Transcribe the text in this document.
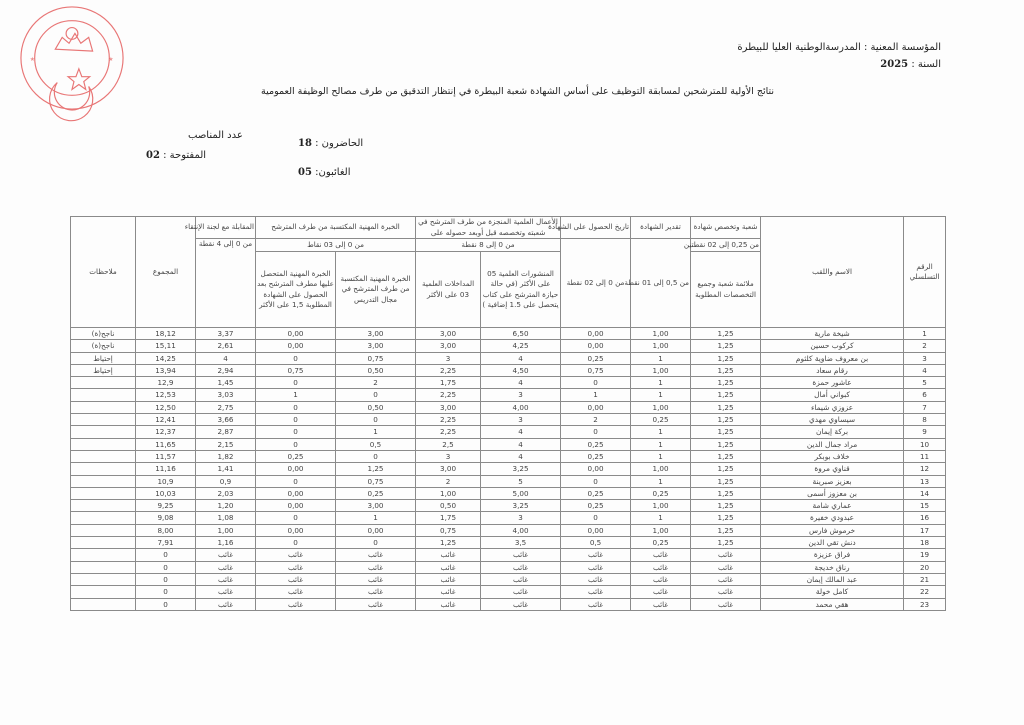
★	★
المؤسسة المعنية : المدرسةالوطنية العليا للبيطرة
السنة : 2025
نتائج الأولية للمترشحين لمسابقة التوظيف على أساس الشهادة شعبة البيطرة في إنتظار التدقيق من طرف مصالح الوظيفة العمومية
الحاضرون : 18
الغائبون: 05
عدد المناصب
المفتوحة : 02
الرقم التسلسلي	الاسم واللقب	شعبة وتخصص شهادة	تقدير الشهادة	تاريخ الحصول على الشهادة	الأعمال العلمية المنجزة من طرف المترشح في شعبته وتخصصه قبل أوبعد حصوله على		الخبرة المهنية المكتسبة من طرف المترشح		المقابلة مع لجنة الإنتقاء	المجموع	ملاحظات
		من 0,25 إلى 02 نقطتين	من 0,5 إلى 01 نقطة	من 0 إلى 02 نقطة	من 0 إلى 8 نقطة		من 0 إلى 03 نقاط		من 0 إلى 4 نقطة		
		ملائمة شعبة وجميع التخصصات المطلوبة			المنشورات العلمية 05 على الأكثر (في حالة حيازة المترشح على كتاب يتحصل على 1.5 إضافية )	المداخلات العلمية 03 على الأكثر	الخبرة المهنية المكتسبة من طرف المترشح في مجال التدريس	الخبرة المهنية المتحصل عليها مطرف المترشح بعد الحصول على الشهادة المطلوبة 1,5 على الأكثر			
1	شيخة مارية	1,25	1,00	0,00	6,50	3,00	3,00	0,00	3,37	18,12	ناجح(ة)
2	كركوب حسين	1,25	1,00	0,00	4,25	3,00	3,00	0,00	2,61	15,11	ناجح(ة)
3	بن معروف ضاوية كلثوم	1,25	1	0,25	4	3	0,75	0	4	14,25	إحتياط
4	رقام سعاد	1,25	1,00	0,75	4,50	2,25	0,50	0,75	2,94	13,94	إحتياط
5	عاشور حمزة	1,25	1	0	4	1,75	2	0	1,45	12,9	
6	كبواني أمال	1,25	1	1	3	2,25	0	1	3,03	12,53	
7	عزوزي شيماء	1,25	1,00	0,00	4,00	3,00	0,50	0	2,75	12,50	
8	سيساوي مهدي	1,25	0,25	2	3	2,25	0	0	3,66	12,41	
9	بركة إيمان	1,25	1	0	4	2,25	1	0	2,87	12,37	
10	مراد جمال الدين	1,25	1	0,25	4	2,5	0,5	0	2,15	11,65	
11	خلاف بوبكر	1,25	1	0,25	4	3	0	0,25	1,82	11,57	
12	قناوي مروة	1,25	1,00	0,00	3,25	3,00	1,25	0,00	1,41	11,16	
13	بعزيز صبرينة	1,25	1	0	5	2	0,75	0	0,9	10,9	
14	بن معزوز أسمى	1,25	0,25	0,25	5,00	1,00	0,25	0,00	2,03	10,03	
15	عماري شامة	1,25	1,00	0,25	3,25	0,50	3,00	0,00	1,20	9,25	
16	عبدودي خفيرة	1,25	1	0	3	1,75	1	0	1,08	9,08	
17	خرموش فارس	1,25	1,00	0,00	4,00	0,75	0,00	0,00	1,00	8,00	
18	دنش تقي الدين	1,25	0,25	0,5	3,5	1,25	0	0	1,16	7,91	
19	فراق عزيزة	غائب	غائب	غائب	غائب	غائب	غائب	غائب	غائب	0	
20	رناق خديجة	غائب	غائب	غائب	غائب	غائب	غائب	غائب	غائب	0	
21	عبد المالك إيمان	غائب	غائب	غائب	غائب	غائب	غائب	غائب	غائب	0	
22	كامل خولة	غائب	غائب	غائب	غائب	غائب	غائب	غائب	غائب	0	
23	هقي محمد	غائب	غائب	غائب	غائب	غائب	غائب	غائب	غائب	0	
